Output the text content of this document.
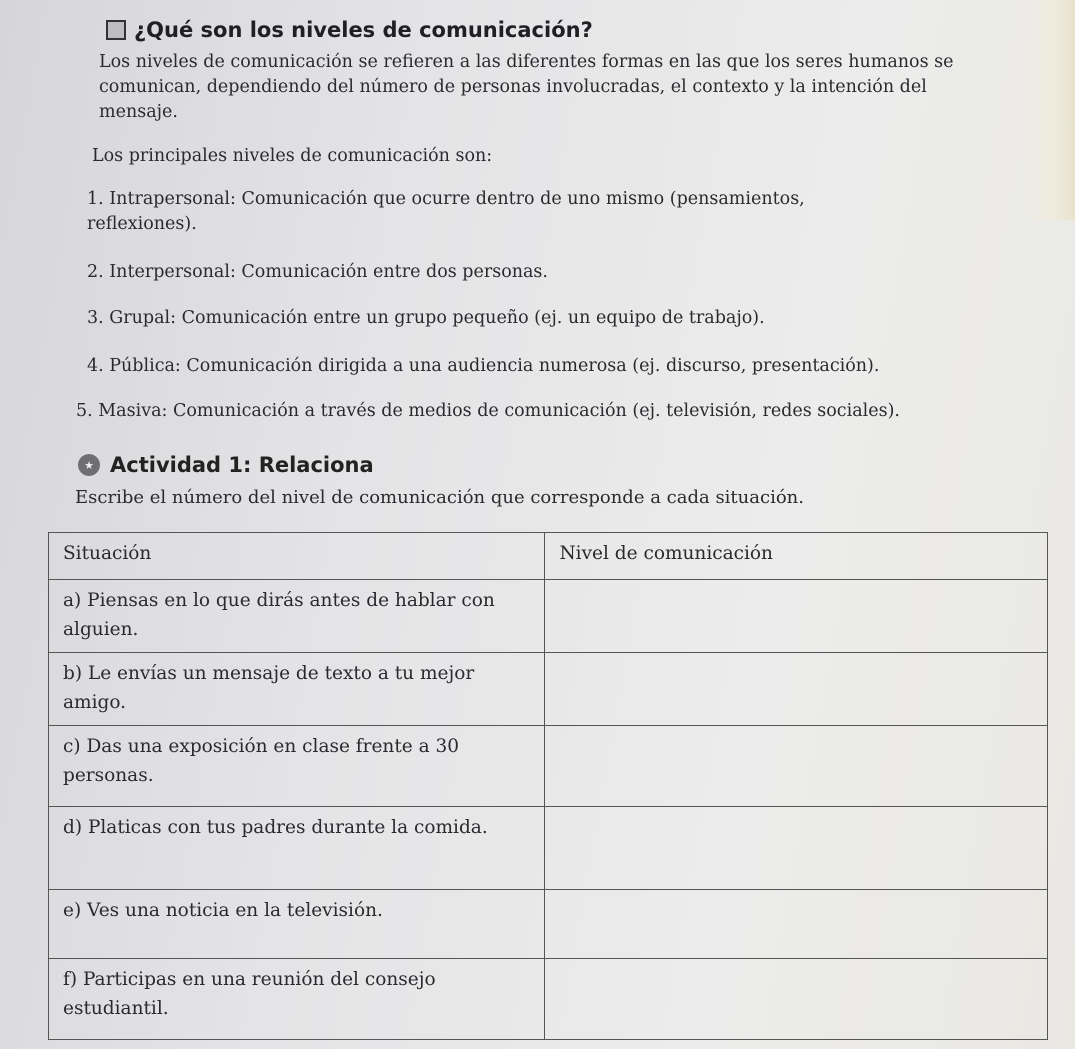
¿Qué son los niveles de comunicación?
Los niveles de comunicación se refieren a las diferentes formas en las que los seres humanos se comunican, dependiendo del número de personas involucradas, el contexto y la intención del mensaje.
Los principales niveles de comunicación son:
1. Intrapersonal: Comunicación que ocurre dentro de uno mismo (pensamientos, reflexiones).
2. Interpersonal: Comunicación entre dos personas.
3. Grupal: Comunicación entre un grupo pequeño (ej. un equipo de trabajo).
4. Pública: Comunicación dirigida a una audiencia numerosa (ej. discurso, presentación).
5. Masiva: Comunicación a través de medios de comunicación (ej. televisión, redes sociales).
★ Actividad 1: Relaciona
Escribe el número del nivel de comunicación que corresponde a cada situación.
Situación	Nivel de comunicación
a) Piensas en lo que dirás antes de hablar con alguien.	
b) Le envías un mensaje de texto a tu mejor amigo.	
c) Das una exposición en clase frente a 30 personas.	
d) Platicas con tus padres durante la comida.	
e) Ves una noticia en la televisión.	
f) Participas en una reunión del consejo estudiantil.	
